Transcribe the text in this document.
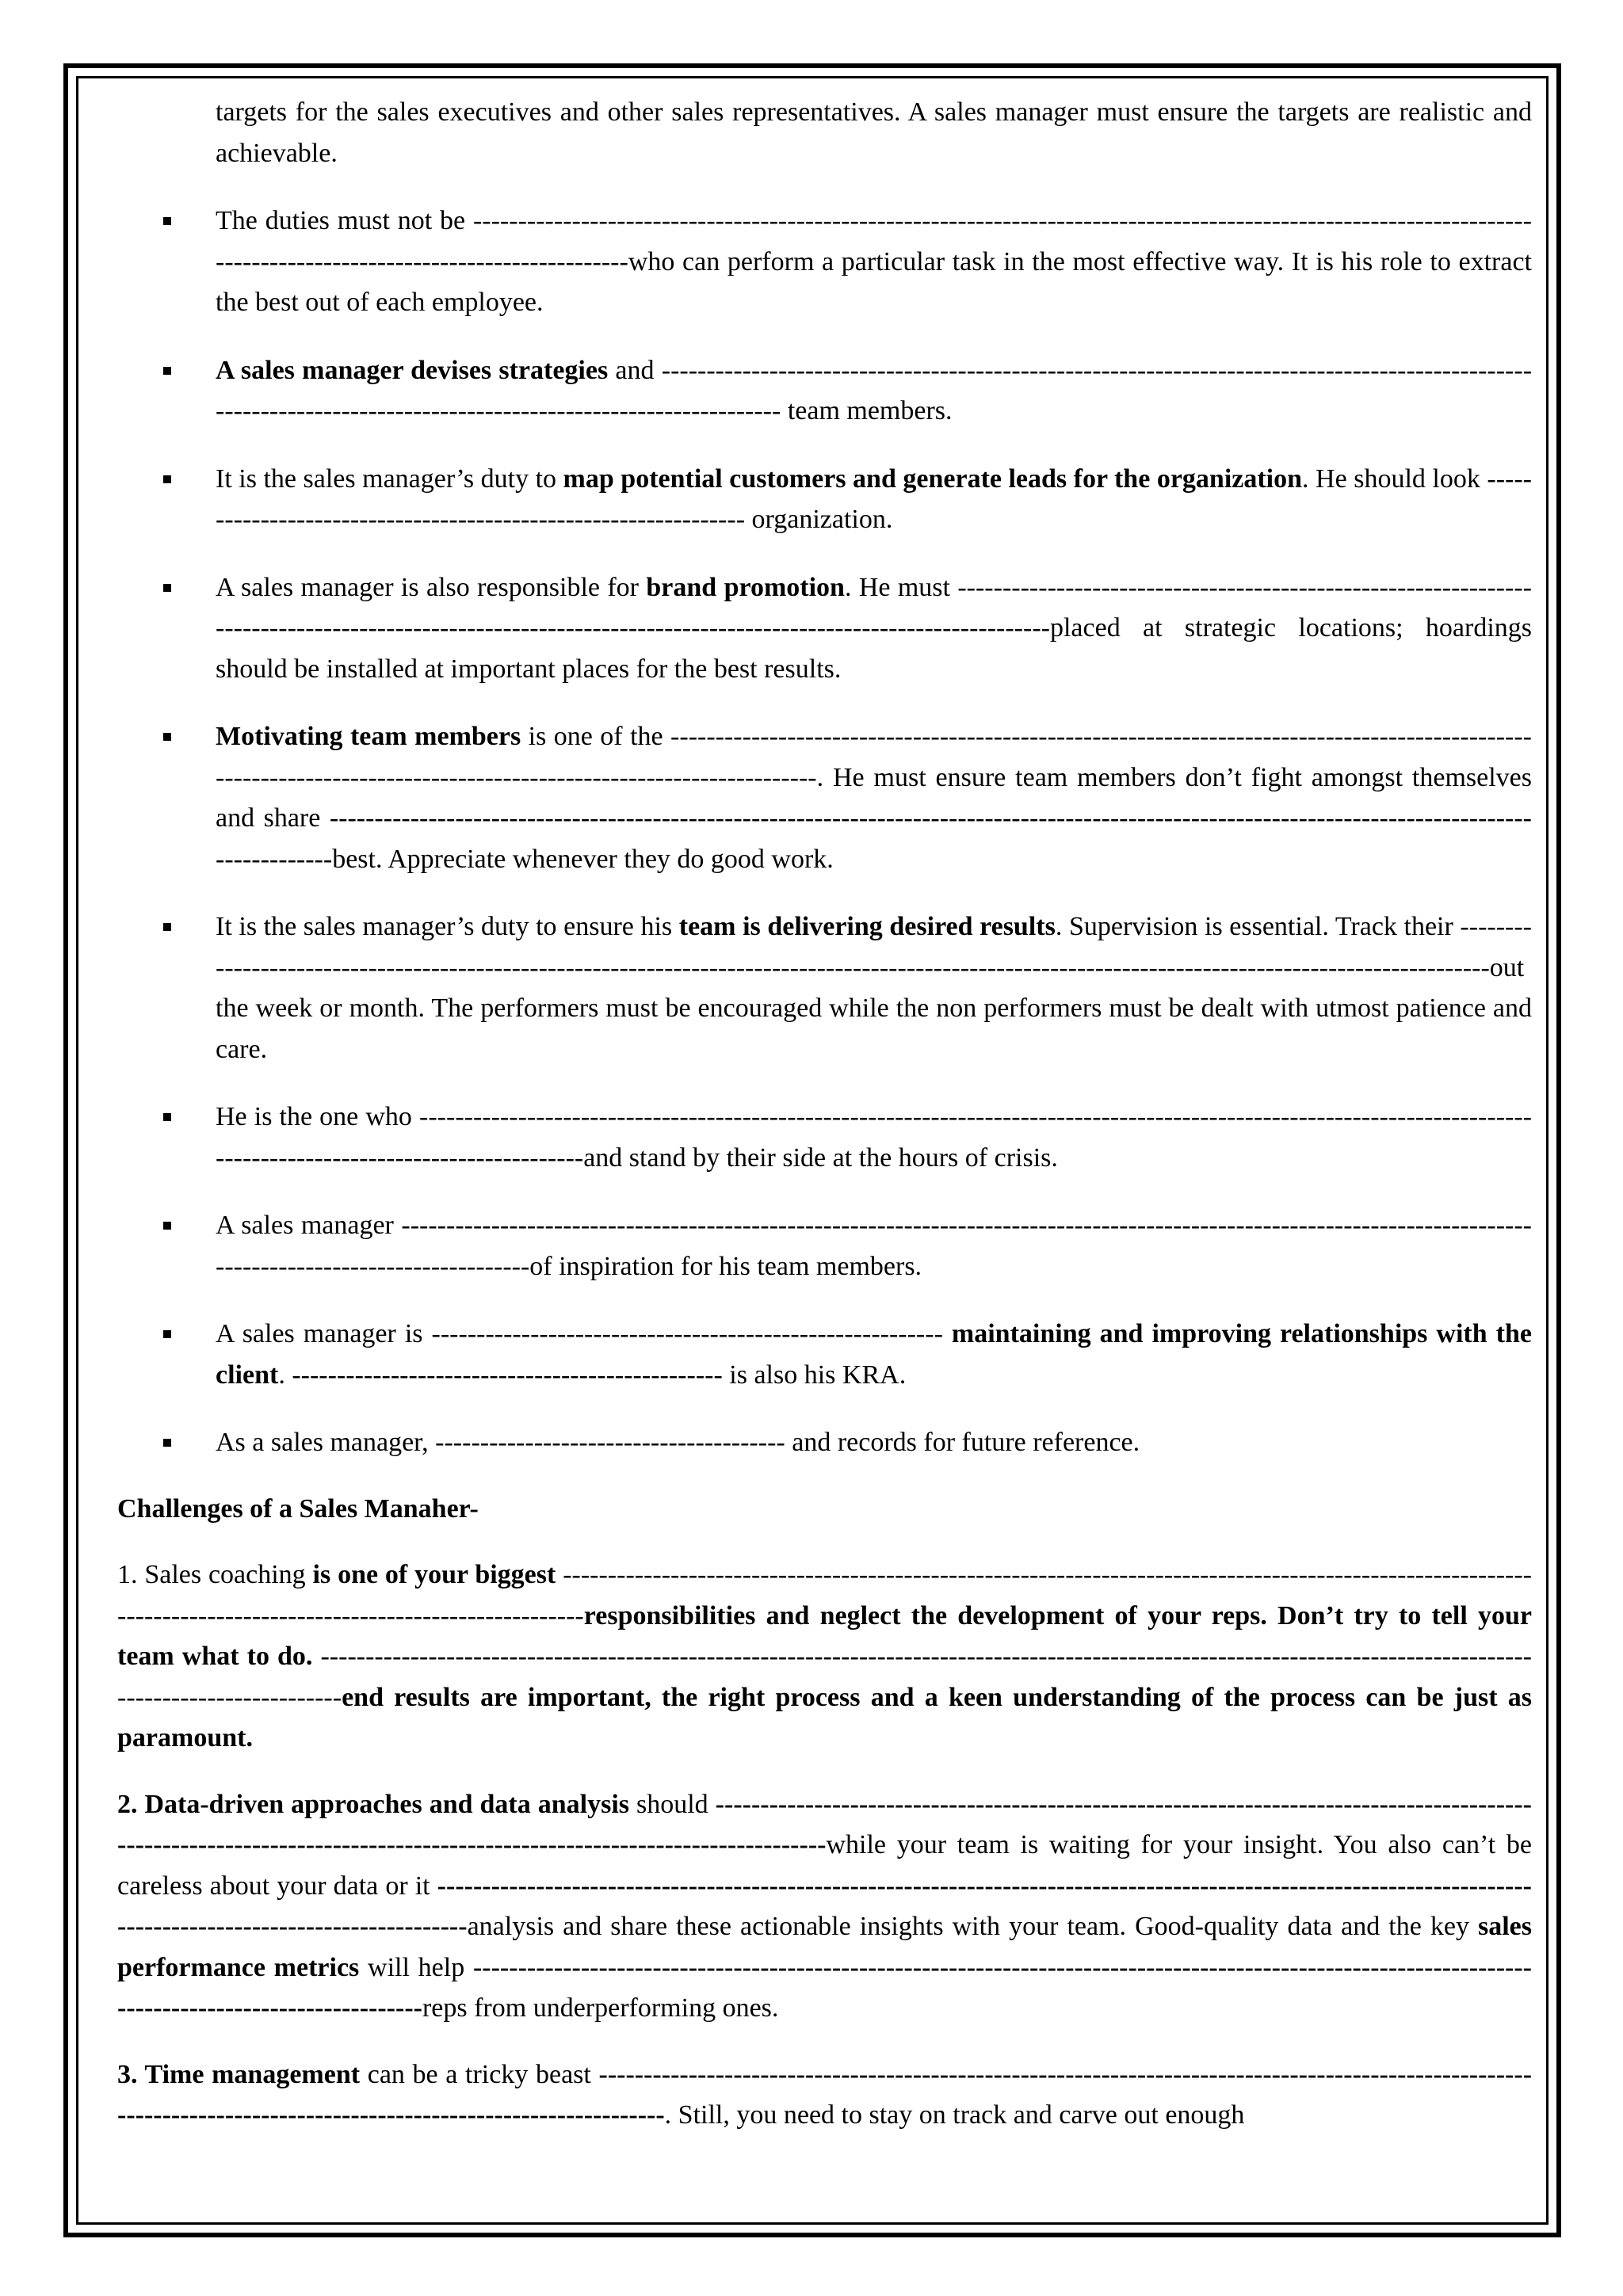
targets for the sales executives and other sales representatives. A sales manager must ensure the targets are realistic and achievable.

The duties must not be --------------------------------------------------------------------------------------------------------------------------------------------------------------------who can perform a particular task in the most effective way. It is his role to extract the best out of each employee.
A sales manager devises strategies and ---------------------------------------------------------------------------------------------------------------------------------------------------------------- team members.
It is the sales manager’s duty to map potential customers and generate leads for the organization. He should look ---------------------------------------------------------------- organization.
A sales manager is also responsible for brand promotion. He must -------------------------------------------------------------------------------------------------------------------------------------------------------------placed at strategic locations; hoardings should be installed at important places for the best results.
Motivating team members is one of the -------------------------------------------------------------------------------------------------------------------------------------------------------------------. He must ensure team members don’t fight amongst themselves and share ---------------------------------------------------------------------------------------------------------------------------------------------------best. Appreciate whenever they do good work.
It is the sales manager’s duty to ensure his team is delivering desired results. Supervision is essential. Track their ------------------------------------------------------------------------------------------------------------------------------------------------------out the week or month. The performers must be encouraged while the non performers must be dealt with utmost patience and care.
He is the one who ---------------------------------------------------------------------------------------------------------------------------------------------------------------------and stand by their side at the hours of crisis.
A sales manager -----------------------------------------------------------------------------------------------------------------------------------------------------------------of inspiration for his team members.
A sales manager is --------------------------------------------------------- maintaining and improving relationships with the client. ------------------------------------------------ is also his KRA.
As a sales manager, --------------------------------------- and records for future reference.

Challenges of a Sales Manaher-

1. Sales coaching is one of your biggest ----------------------------------------------------------------------------------------------------------------------------------------------------------------responsibilities and neglect the development of your reps. Don’t try to tell your team what to do. ----------------------------------------------------------------------------------------------------------------------------------------------------------------end results are important, the right process and a keen understanding of the process can be just as paramount.

2. Data-driven approaches and data analysis should --------------------------------------------------------------------------------------------------------------------------------------------------------------------------while your team is waiting for your insight. You also can’t be careless about your data or it -----------------------------------------------------------------------------------------------------------------------------------------------------------------analysis and share these actionable insights with your team. Good-quality data and the key sales performance metrics will help --------------------------------------------------------------------------------------------------------------------------------------------------------reps from underperforming ones.

3. Time management can be a tricky beast ---------------------------------------------------------------------------------------------------------------------------------------------------------------------. Still, you need to stay on track and carve out enough
